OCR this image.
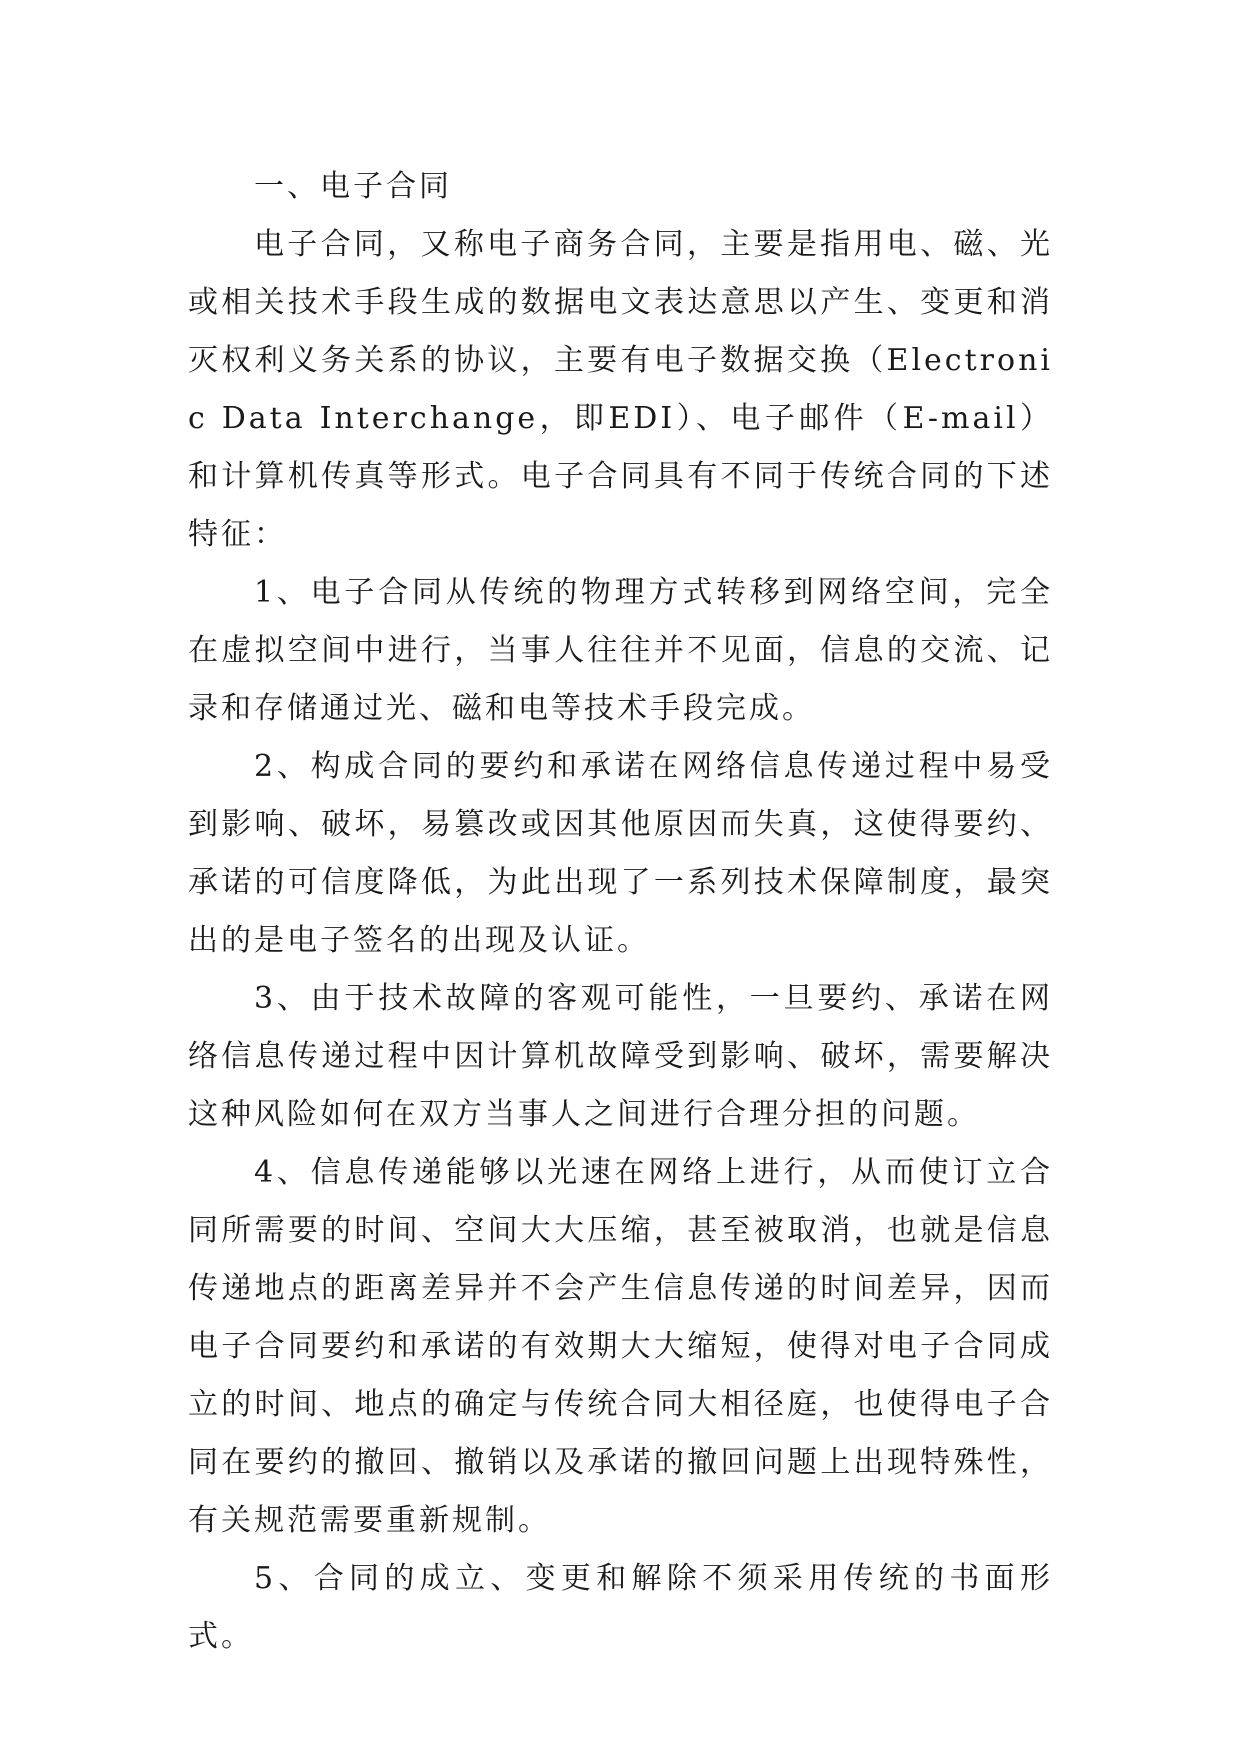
一、电子合同

电子合同，又称电子商务合同，主要是指用电、磁、光或相关技术手段生成的数据电文表达意思以产生、变更和消灭权利义务关系的协议，主要有电子数据交换（Electronic Data Interchange，即EDI）、电子邮件（E-mail）和计算机传真等形式。电子合同具有不同于传统合同的下述特征：

1、电子合同从传统的物理方式转移到网络空间，完全在虚拟空间中进行，当事人往往并不见面，信息的交流、记录和存储通过光、磁和电等技术手段完成。

2、构成合同的要约和承诺在网络信息传递过程中易受到影响、破坏，易篡改或因其他原因而失真，这使得要约、承诺的可信度降低，为此出现了一系列技术保障制度，最突出的是电子签名的出现及认证。

3、由于技术故障的客观可能性，一旦要约、承诺在网络信息传递过程中因计算机故障受到影响、破坏，需要解决这种风险如何在双方当事人之间进行合理分担的问题。

4、信息传递能够以光速在网络上进行，从而使订立合同所需要的时间、空间大大压缩，甚至被取消，也就是信息传递地点的距离差异并不会产生信息传递的时间差异，因而电子合同要约和承诺的有效期大大缩短，使得对电子合同成立的时间、地点的确定与传统合同大相径庭，也使得电子合同在要约的撤回、撤销以及承诺的撤回问题上出现特殊性，有关规范需要重新规制。

5、合同的成立、变更和解除不须采用传统的书面形式。
